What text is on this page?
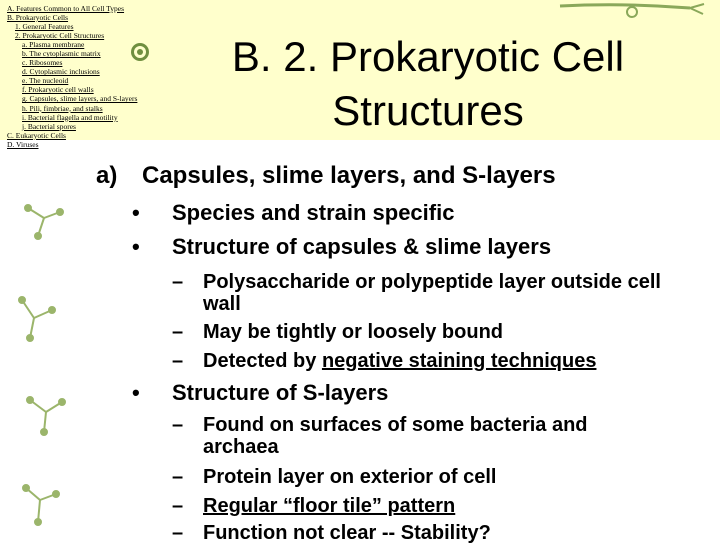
A. Features Common to All Cell Types
B. Prokaryotic Cells
1. General Features
2. Prokaryotic Cell Structures
a. Plasma membrane
b. The cytoplasmic matrix
c. Ribosomes
d. Cytoplasmic inclusions
e. The nucleoid
f. Prokaryotic cell walls
g. Capsules, slime layers, and S-layers
h. Pili, fimbriae, and stalks
i. Bacterial flagella and motility
j. Bacterial spores
C. Eukaryotic Cells
D. Viruses
B. 2. Prokaryotic Cell
Structures
a) Capsules, slime layers, and S-layers
• Species and strain specific
• Structure of capsules & slime layers
– Polysaccharide or polypeptide layer outside cell wall
– May be tightly or loosely bound
– Detected by negative staining techniques
• Structure of S-layers
– Found on surfaces of some bacteria and archaea
– Protein layer on exterior of cell
– Regular “floor tile” pattern
– Function not clear -- Stability?
